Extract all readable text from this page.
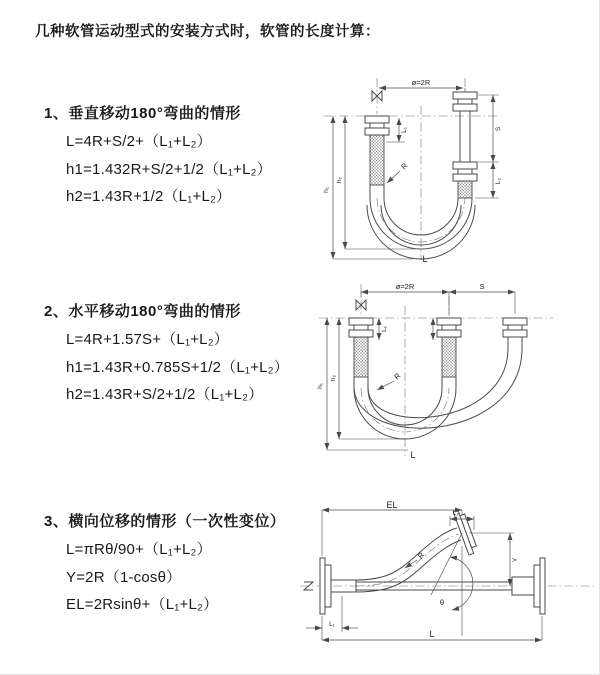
几种软管运动型式的安装方式时，软管的长度计算：
1、垂直移动180°弯曲的情形
L=4R+S/2+（L₁+L₂）
h1=1.432R+S/2+1/2（L₁+L₂）
h2=1.43R+1/2（L₁+L₂）
2、水平移动180°弯曲的情形
L=4R+1.57S+（L₁+L₂）
h1=1.43R+0.785S+1/2（L₁+L₂）
h2=1.43R+S/2+1/2（L₁+L₂）
3、横向位移的情形（一次性变位）
L=πRθ/90+（L₁+L₂）
Y=2R（1-cosθ）
EL=2Rsinθ+（L₁+L₂）
ø=2R
L₁	S
L₂
h₂
h₁
R
L
ø=2R	S
L₁
h₂
h₁
R
L
θ
EL
L₂
Y
R
L₁
L
